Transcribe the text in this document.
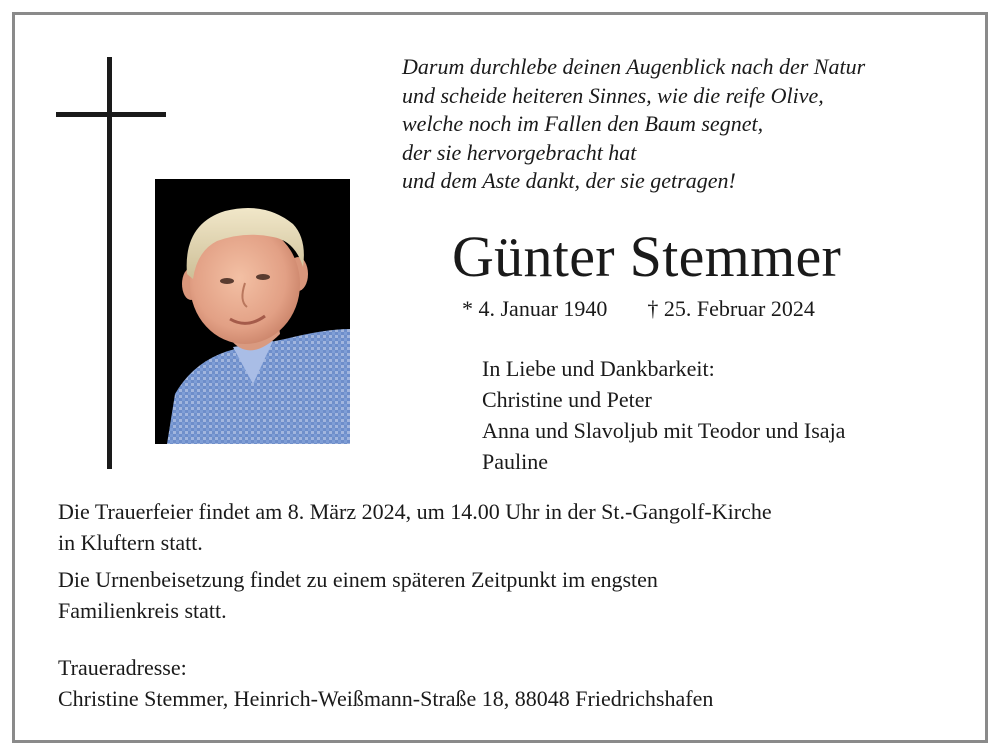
Darum durchlebe deinen Augenblick nach der Natur
und scheide heiteren Sinnes, wie die reife Olive,
welche noch im Fallen den Baum segnet,
der sie hervorgebracht hat
und dem Aste dankt, der sie getragen!
Günter Stemmer
* 4. Januar 1940 † 25. Februar 2024
In Liebe und Dankbarkeit:
Christine und Peter
Anna und Slavoljub mit Teodor und Isaja
Pauline

Die Trauerfeier findet am 8. März 2024, um 14.00 Uhr in der St.-Gangolf-Kirche
in Kluftern statt.

Die Urnenbeisetzung findet zu einem späteren Zeitpunkt im engsten
Familienkreis statt.

Traueradresse:
Christine Stemmer, Heinrich-Weißmann-Straße 18, 88048 Friedrichshafen
